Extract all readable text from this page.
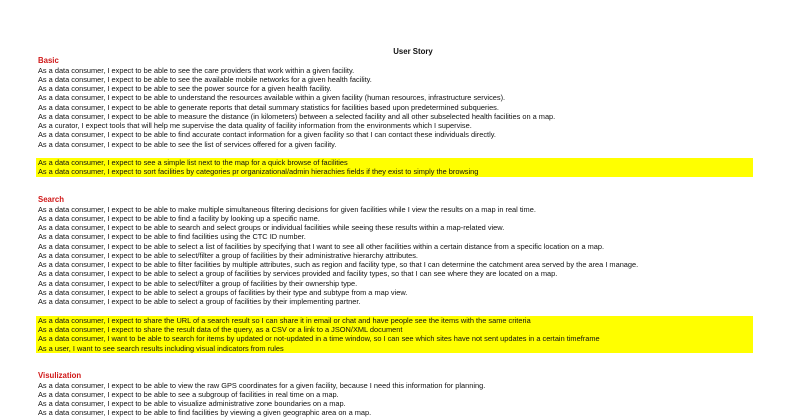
User Story
Basic
As a data consumer, I expect to be able to see the care providers that work within a given facility.
As a data consumer, I expect to be able to see the available mobile networks for a given health facility.
As a data consumer, I expect to be able to see the power source for a given health facility.
As a data consumer, I expect to be able to understand the resources available within a given facility (human resources, infrastructure services).
As a data consumer, I expect to be able to generate reports that detail summary statistics for facilities based upon predetermined subqueries.
As a data consumer, I expect to be able to measure the distance (in kilometers) between a selected facility and all other subselected health facilities on a map.
As a curator, I expect tools that will help me supervise the data quality of facility information from the environments which I supervise.
As a data consumer, I expect to be able to find accurate contact information for a given facility so that I can contact these individuals directly.
As a data consumer, I expect to be able to see the list of services offered for a given facility.
As a data consumer, I expect to see a simple list next to the map for a quick browse of facilities
As a data consumer, I expect to sort facilities by categories pr organizational/admin hierachies fields if they exist to simply the browsing
Search
As a data consumer, I expect to be able to make multiple simultaneous filtering decisions for given facilities while I view the results on a map in real time.
As a data consumer, I expect to be able to find a facility by looking up a specific name.
As a data consumer, I expect to be able to search and select groups or individual facilities while seeing these results within a map-related view.
As a data consumer, I expect to be able to find facilities using the CTC ID number.
As a data consumer, I expect to be able to select a list of facilities by specifying that I want to see all other facilities within a certain distance from a specific location on a map.
As a data consumer, I expect to be able to select/filter a group of facilities by their administrative hierarchy attributes.
As a data consumer, I expect to be able to filter facilities by multiple attributes, such as region and facility type, so that I can determine the catchment area served by the area I manage.
As a data consumer, I expect to be able to select a group of facilities by services provided and facility types, so that I can see where they are located on a map.
As a data consumer, I expect to be able to select/filter a group of facilities by their ownership type.
As a data consumer, I expect to be able to select a groups of facilities by their type and subtype from a map view.
As a data consumer, I expect to be able to select a group of facilities by their implementing partner.
As a data consumer, I expect to share the URL of a search result so I can share it in email or chat and have people see the items with the same criteria
As a data consumer, I expect to share the result data of the query, as a CSV or a link to a JSON/XML document
As a data consumer, I want to be able to search for items by updated or not-updated in a time window, so I can see which sites have not sent updates in a certain timeframe
As a user, I want to see search results including visual indicators from rules
Visulization
As a data consumer, I expect to be able to view the raw GPS coordinates for a given facility, because I need this information for planning.
As a data consumer, I expect to be able to see a subgroup of facilities in real time on a map.
As a data consumer, I expect to be able to visualize administrative zone boundaries on a map.
As a data consumer, I expect to be able to find facilities by viewing a given geographic area on a map.
